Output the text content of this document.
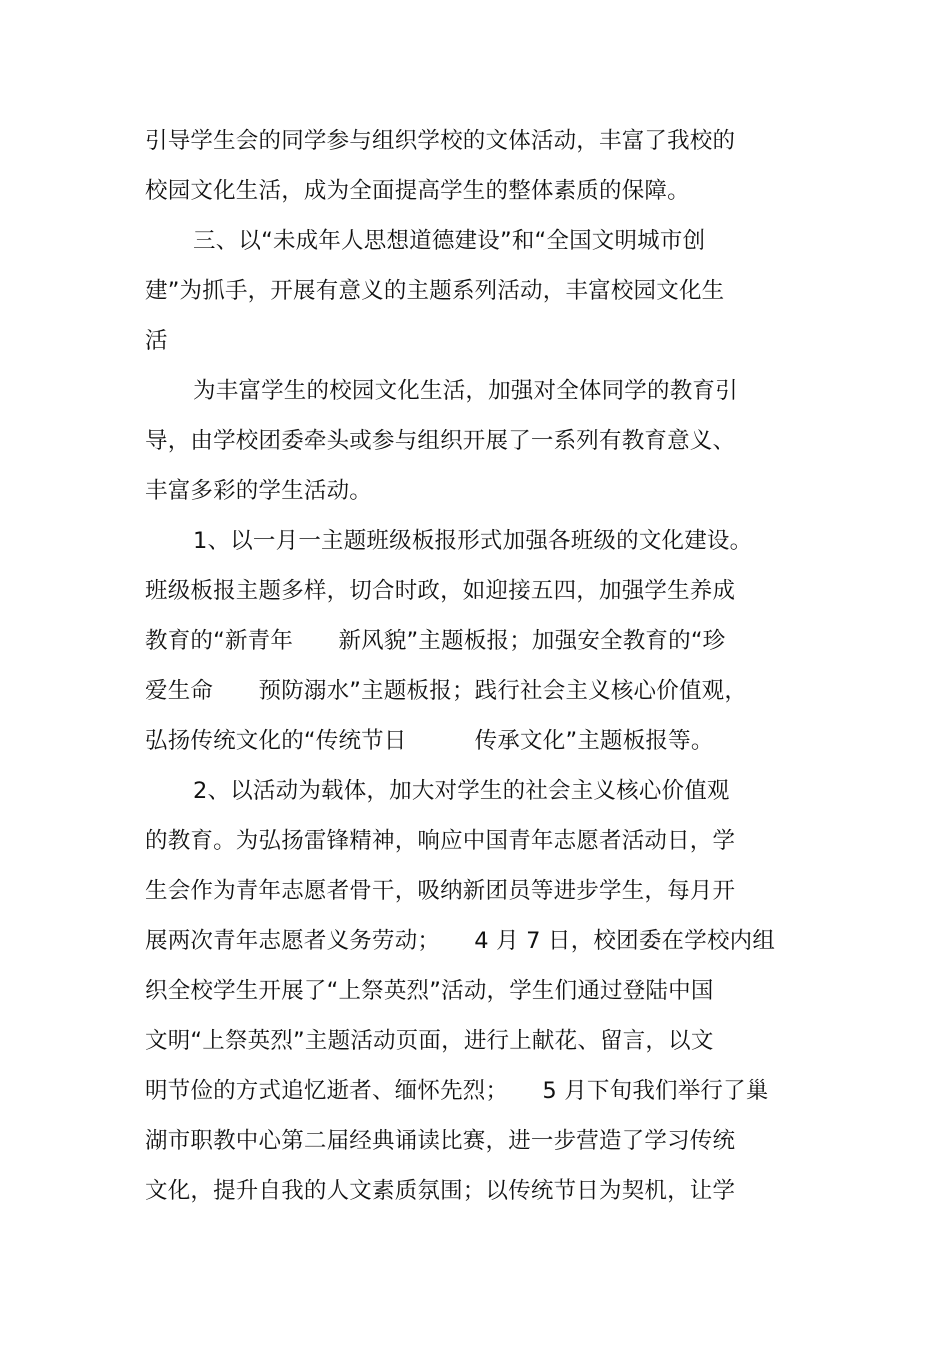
引导学生会的同学参与组织学校的文体活动，丰富了我校的
校园文化生活，成为全面提高学生的整体素质的保障。
三、以“未成年人思想道德建设”和“全国文明城市创
建”为抓手，开展有意义的主题系列活动，丰富校园文化生
活
为丰富学生的校园文化生活，加强对全体同学的教育引
导，由学校团委牵头或参与组织开展了一系列有教育意义、
丰富多彩的学生活动。
1、以一月一主题班级板报形式加强各班级的文化建设。
班级板报主题多样，切合时政，如迎接五四，加强学生养成
教育的“新青年　　新风貌”主题板报；加强安全教育的“珍
爱生命　　预防溺水”主题板报；践行社会主义核心价值观，
弘扬传统文化的“传统节日　　　传承文化”主题板报等。
2、以活动为载体，加大对学生的社会主义核心价值观
的教育。为弘扬雷锋精神，响应中国青年志愿者活动日，学
生会作为青年志愿者骨干，吸纳新团员等进步学生，每月开
展两次青年志愿者义务劳动；　　4 月 7 日，校团委在学校内组
织全校学生开展了“上祭英烈”活动，学生们通过登陆中国
文明“上祭英烈”主题活动页面，进行上献花、留言，以文
明节俭的方式追忆逝者、缅怀先烈；　　5 月下旬我们举行了巢
湖市职教中心第二届经典诵读比赛，进一步营造了学习传统
文化，提升自我的人文素质氛围；以传统节日为契机，让学
